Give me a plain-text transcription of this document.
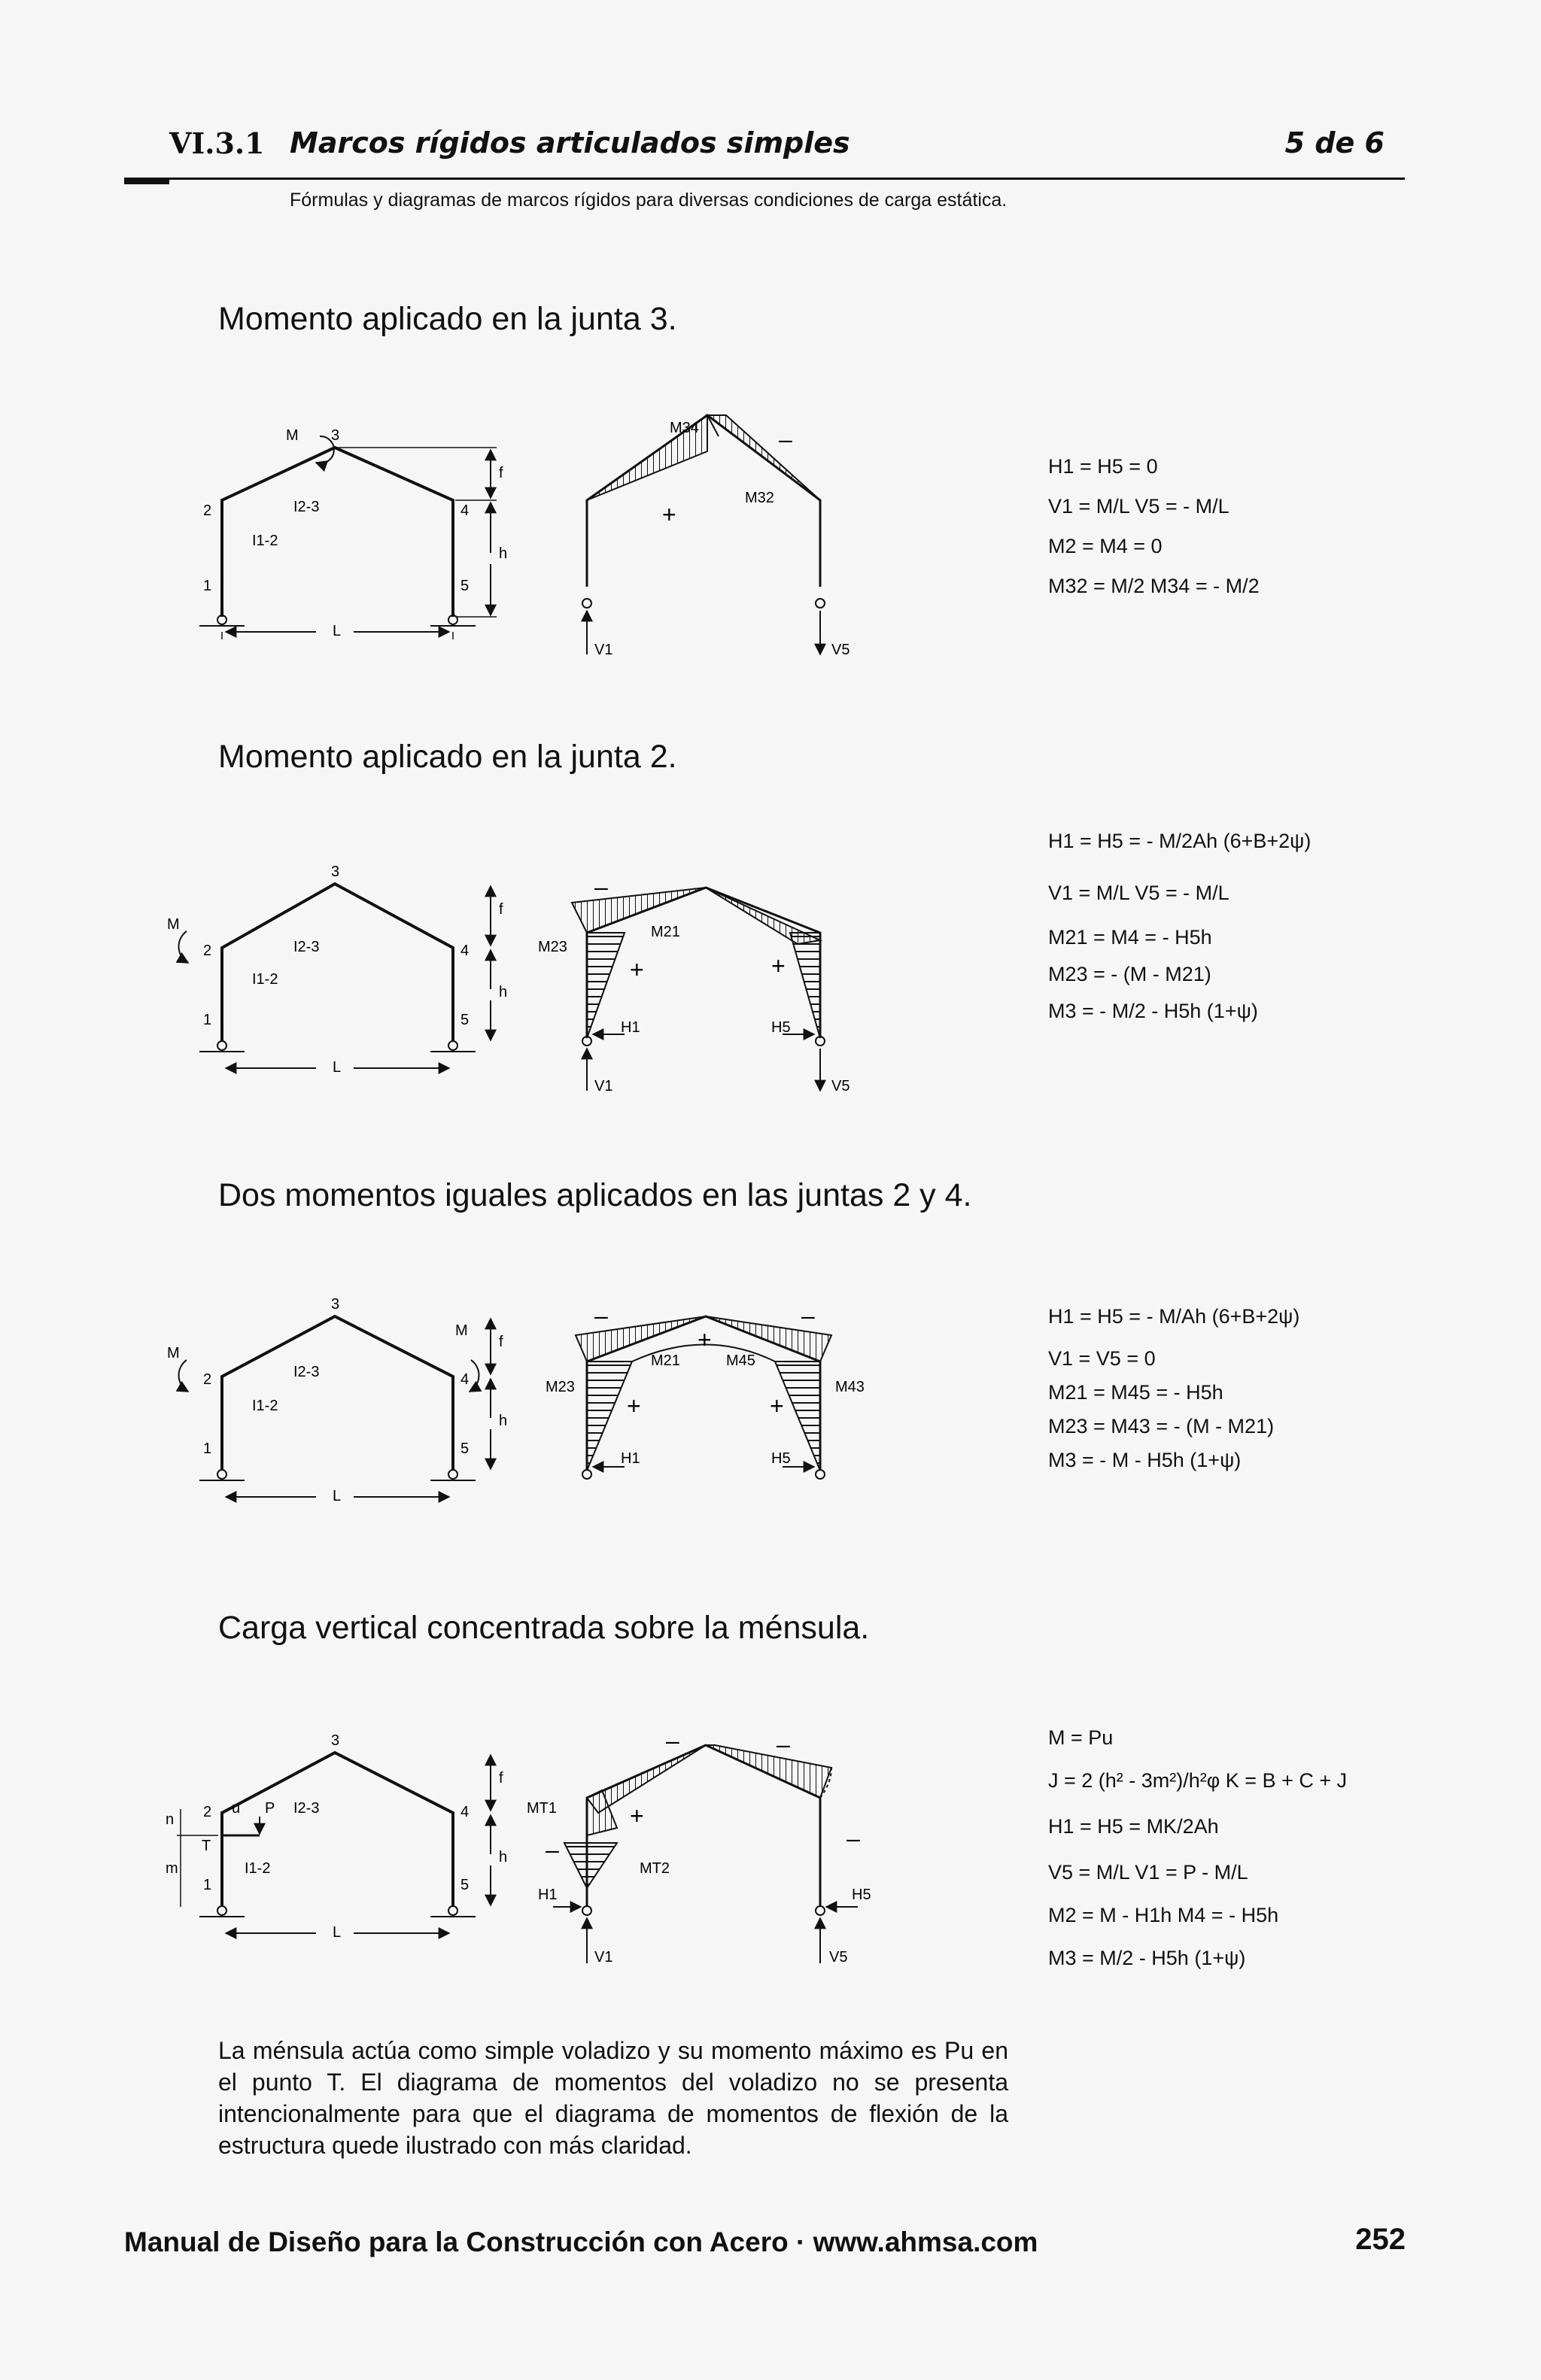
VI.3.1 Marcos rígidos articulados simples	5 de 6
Fórmulas y diagramas de marcos rígidos para diversas condiciones de carga estática.
Momento aplicado en la junta 3.
M 3
2	4
1	5
f
h
L
I2-3
I1-2
M34
M32
+
–
V1	V5
H1 = H5 = 0
V1 = M/L V5 = - M/L
M2 = M4 = 0
M32 = M/2 M34 = - M/2
Momento aplicado en la junta 2.
M
3
2	4
1	5
f
h
L
I2-3
I1-2
M23
M21
–
+	+
H1	H5
V1	V5
H1 = H5 = - M/2Ah (6+B+2ψ)
V1 = M/L V5 = - M/L
M21 = M4 = - H5h
M23 = - (M - M21)
M3 = - M/2 - H5h (1+ψ)
Dos momentos iguales aplicados en las juntas 2 y 4.
M
M
3
2	4
1	5
f
h
L
I2-3
I1-2
M23
M21	M45
M43
–	–
+
+	+
H1	H5
H1 = H5 = - M/Ah (6+B+2ψ)
V1 = V5 = 0
M21 = M45 = - H5h
M23 = M43 = - (M - M21)
M3 = - M - H5h (1+ψ)
Carga vertical concentrada sobre la ménsula.
3
2	4
1	5
f
h
L
I2-3
I1-2
P
u
T
n
m
MT1
MT2
–	–
–	–
+
H1	H5
V1	V5
M = Pu
J = 2 (h² - 3m²)/h²φ K = B + C + J
H1 = H5 = MK/2Ah
V5 = M/L V1 = P - M/L
M2 = M - H1h M4 = - H5h
M3 = M/2 - H5h (1+ψ)
La ménsula actúa como simple voladizo y su momento máximo es Pu en el punto T. El diagrama de momentos del voladizo no se presenta intencionalmente para que el diagrama de momentos de flexión de la estructura quede ilustrado con más claridad.
Manual de Diseño para la Construcción con Acero · www.ahmsa.com	252
